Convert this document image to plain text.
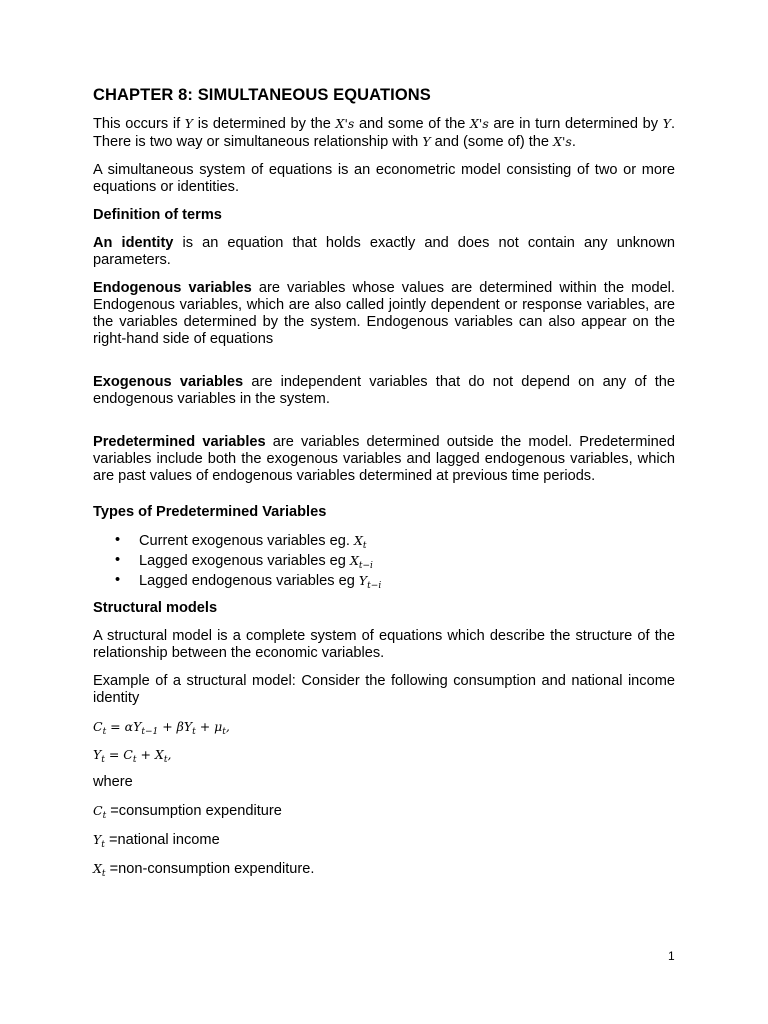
CHAPTER 8: SIMULTANEOUS EQUATIONS

This occurs if Y is determined by the X's and some of the X's are in turn determined by Y. There is two way or simultaneous relationship with Y and (some of) the X's.

A simultaneous system of equations is an econometric model consisting of two or more equations or identities.

Definition of terms

An identity is an equation that holds exactly and does not contain any unknown parameters.

Endogenous variables are variables whose values are determined within the model. Endogenous variables, which are also called jointly dependent or response variables, are the variables determined by the system. Endogenous variables can also appear on the right-hand side of equations

Exogenous variables are independent variables that do not depend on any of the endogenous variables in the system.

Predetermined variables are variables determined outside the model. Predetermined variables include both the exogenous variables and lagged endogenous variables, which are past values of endogenous variables determined at previous time periods.

Types of Predetermined Variables

• Current exogenous variables eg. $X_t$
• Lagged exogenous variables eg $X_{t-i}$
• Lagged endogenous variables eg $Y_{t-i}$

Structural models

A structural model is a complete system of equations which describe the structure of the relationship between the economic variables.

Example of a structural model: Consider the following consumption and national income identity

$C_t = \alpha Y_{t-1} + \beta Y_t + \mu_t$,

$Y_t = C_t + X_t$,

where

$C_t$ =consumption expenditure

$Y_t$ =national income

$X_t$ =non-consumption expenditure.

1
